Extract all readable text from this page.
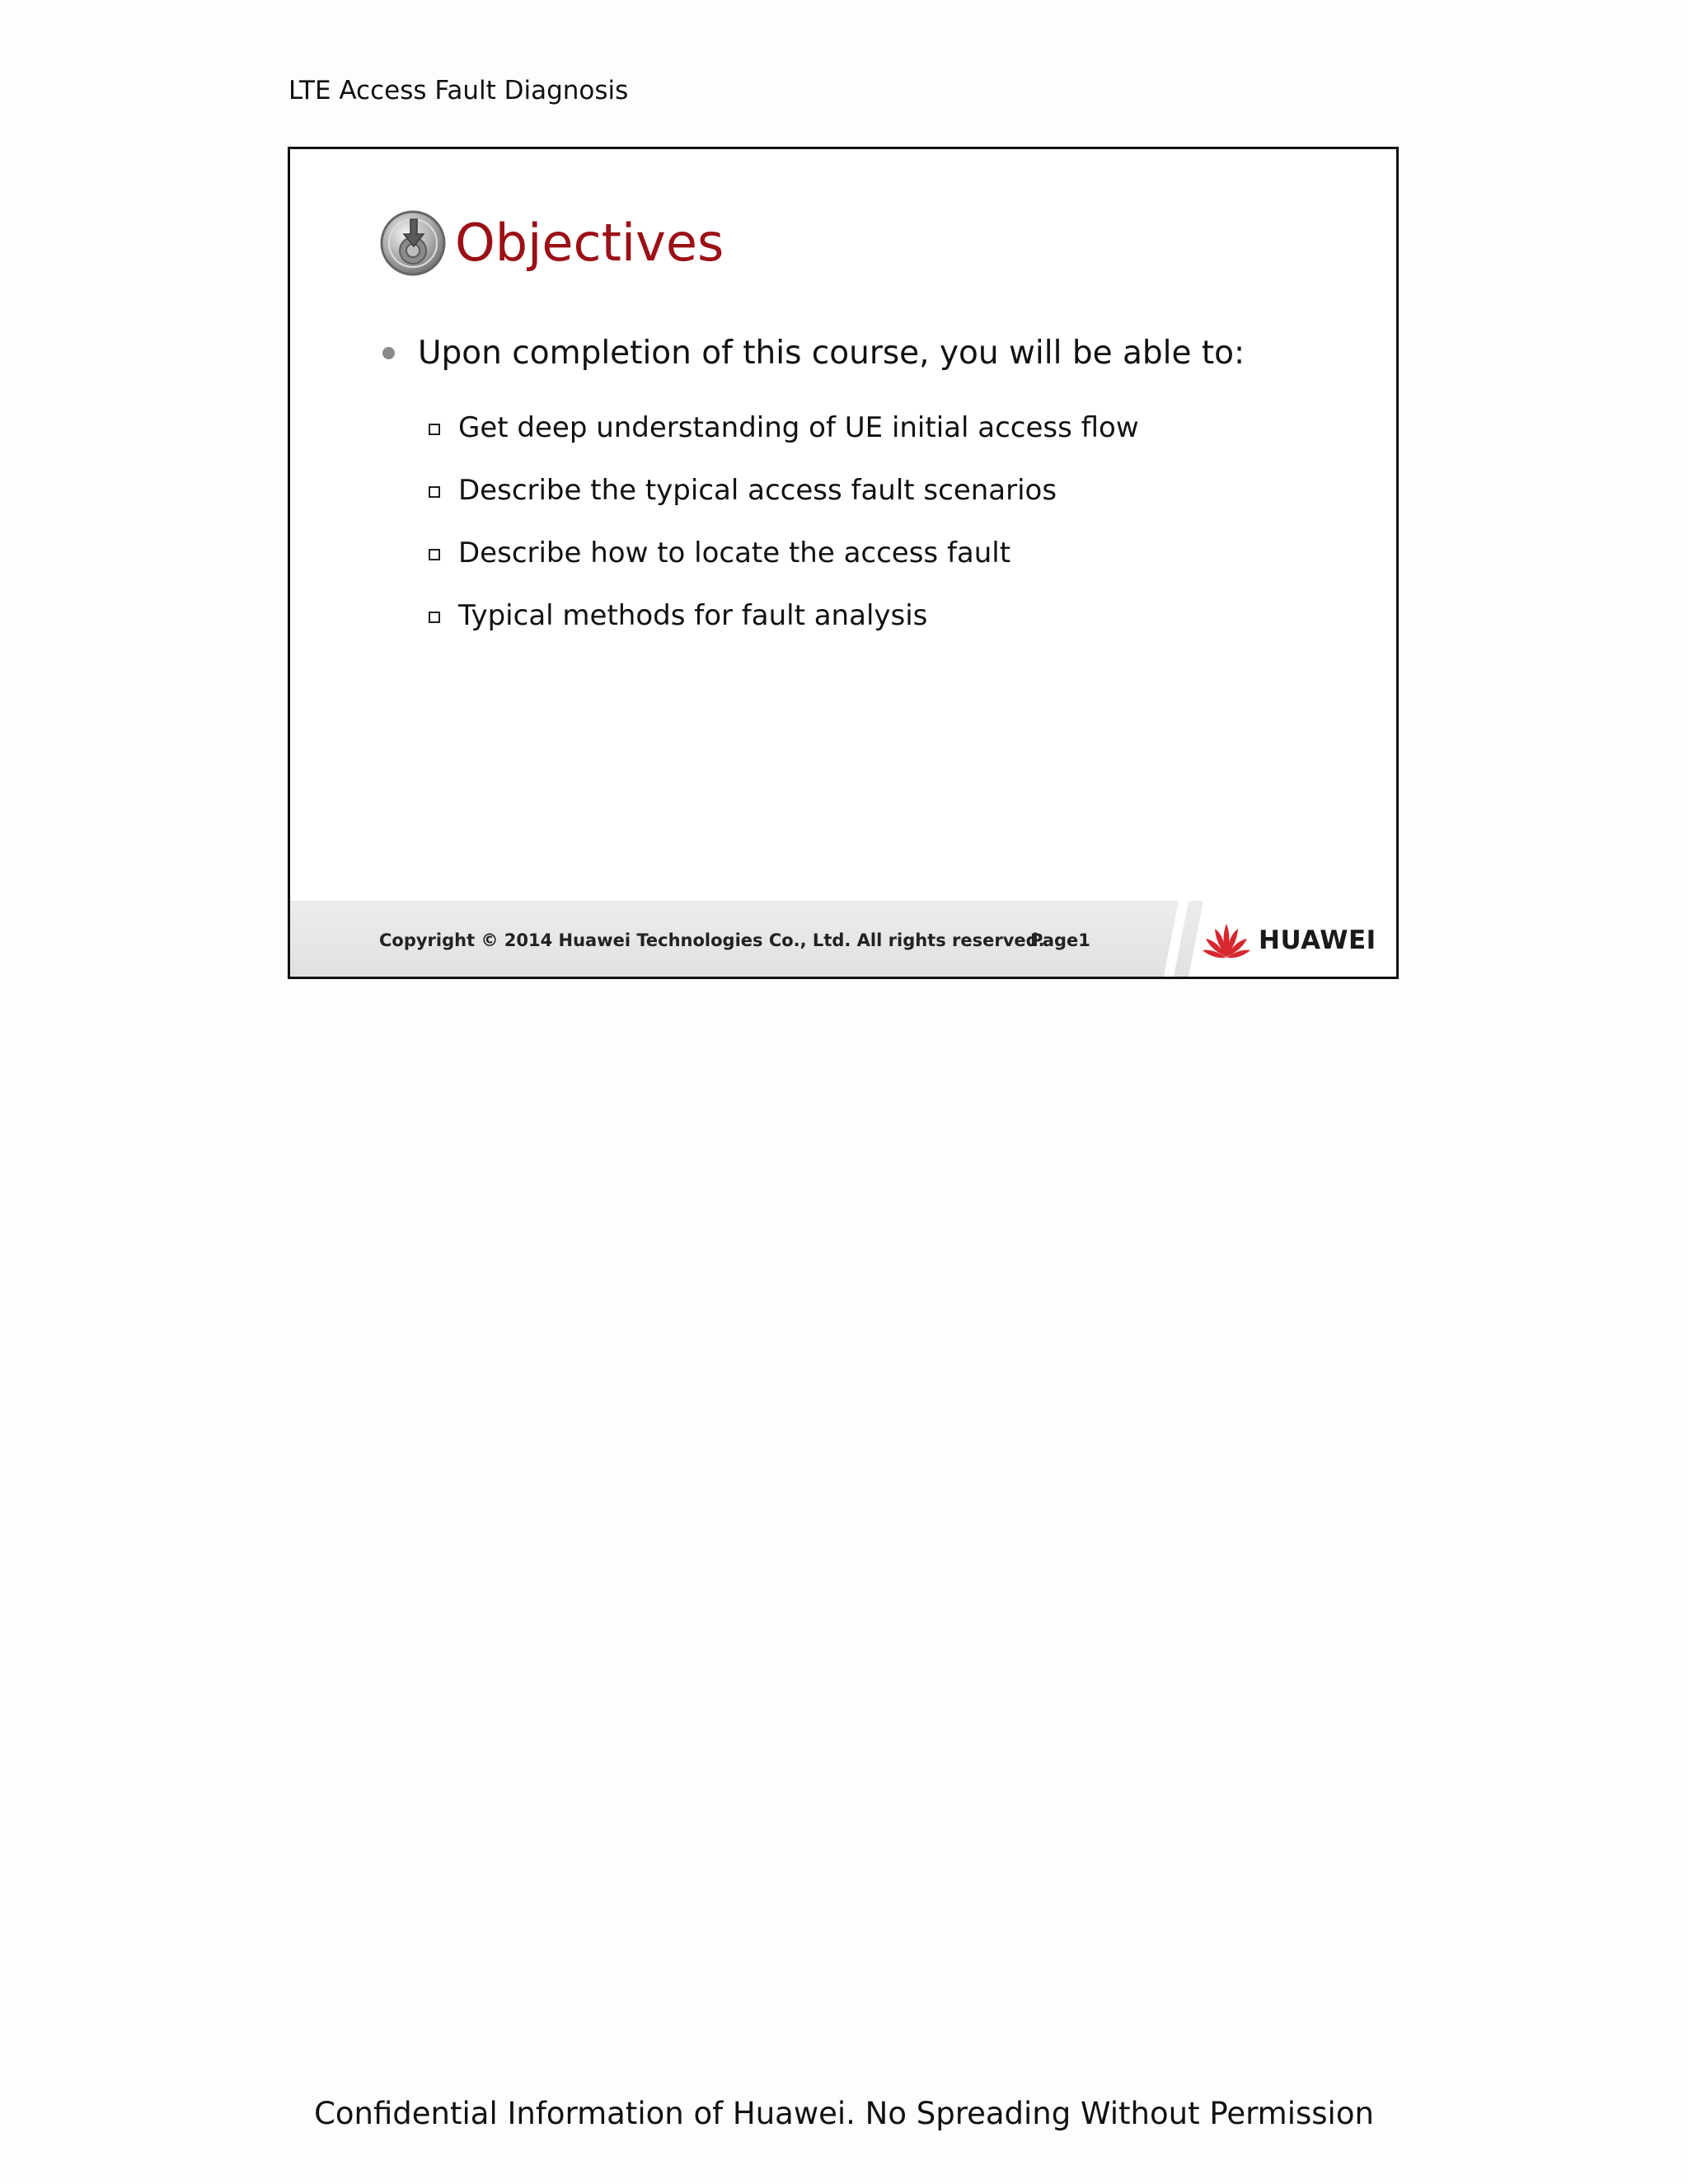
LTE Access Fault Diagnosis
Objectives
Upon completion of this course, you will be able to:
Get deep understanding of UE initial access flow
Describe the typical access fault scenarios
Describe how to locate the access fault
Typical methods for fault analysis
Copyright © 2014 Huawei Technologies Co., Ltd. All rights reserved.
Page1	HUAWEI
Confidential Information of Huawei. No Spreading Without Permission
